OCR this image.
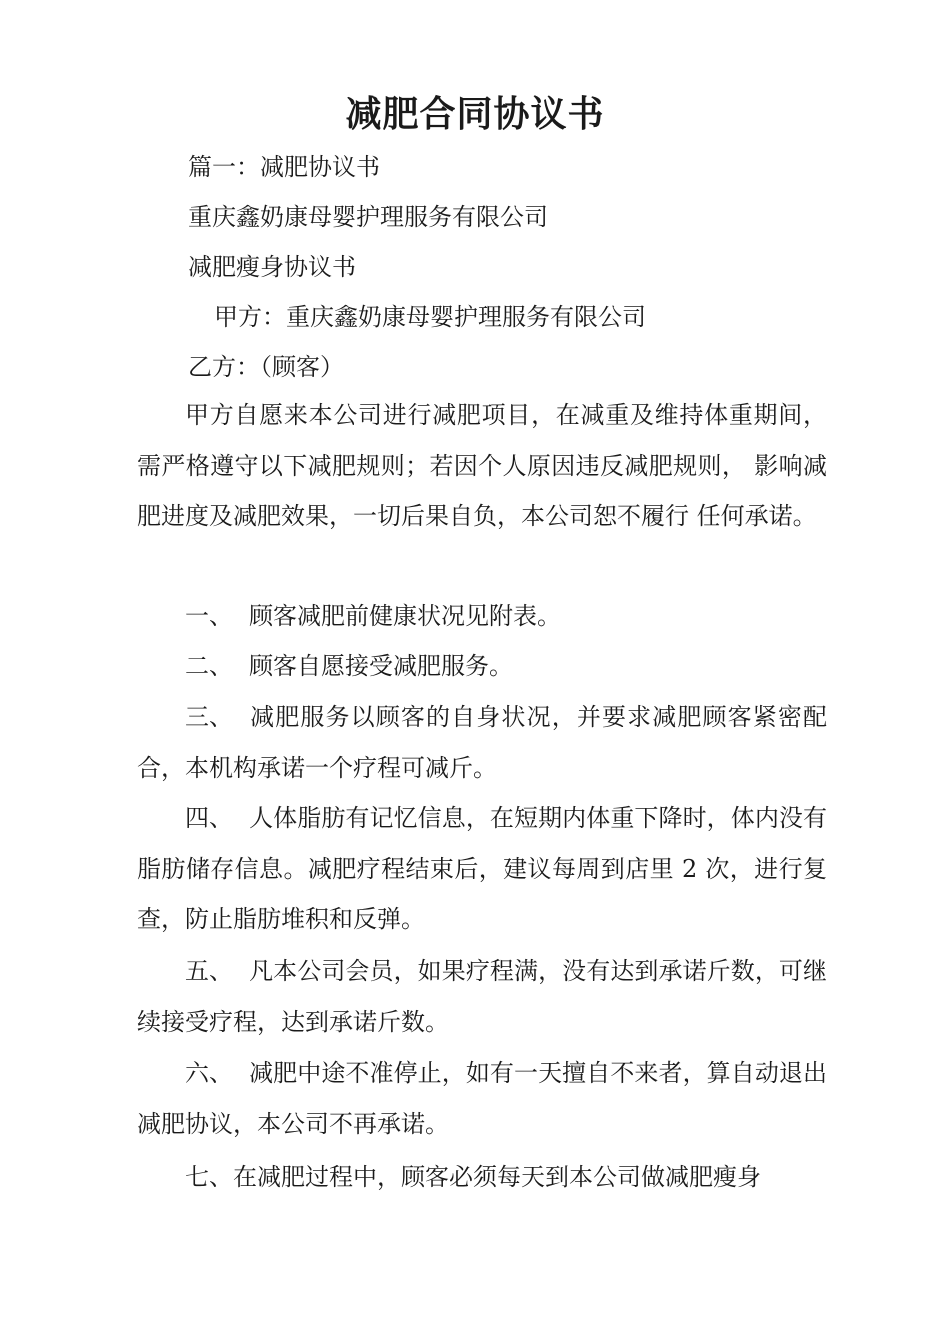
减肥合同协议书
篇一：减肥协议书
重庆鑫奶康母婴护理服务有限公司
减肥瘦身协议书
甲方：重庆鑫奶康母婴护理服务有限公司
乙方：（顾客）

甲方自愿来本公司进行减肥项目，在减重及维持体重期间，需严格遵守以下减肥规则；若因个人原因违反减肥规则， 影响减肥进度及减肥效果，一切后果自负，本公司恕不履行 任何承诺。

一、 顾客减肥前健康状况见附表。

二、 顾客自愿接受减肥服务。

三、 减肥服务以顾客的自身状况，并要求减肥顾客紧密配合，本机构承诺一个疗程可减斤。

四、 人体脂肪有记忆信息，在短期内体重下降时，体内没有脂肪储存信息。减肥疗程结束后，建议每周到店里 2 次，进行复查，防止脂肪堆积和反弹。

五、 凡本公司会员，如果疗程满，没有达到承诺斤数，可继续接受疗程，达到承诺斤数。

六、 减肥中途不准停止，如有一天擅自不来者，算自动退出减肥协议，本公司不再承诺。

七、在减肥过程中，顾客必须每天到本公司做减肥瘦身
